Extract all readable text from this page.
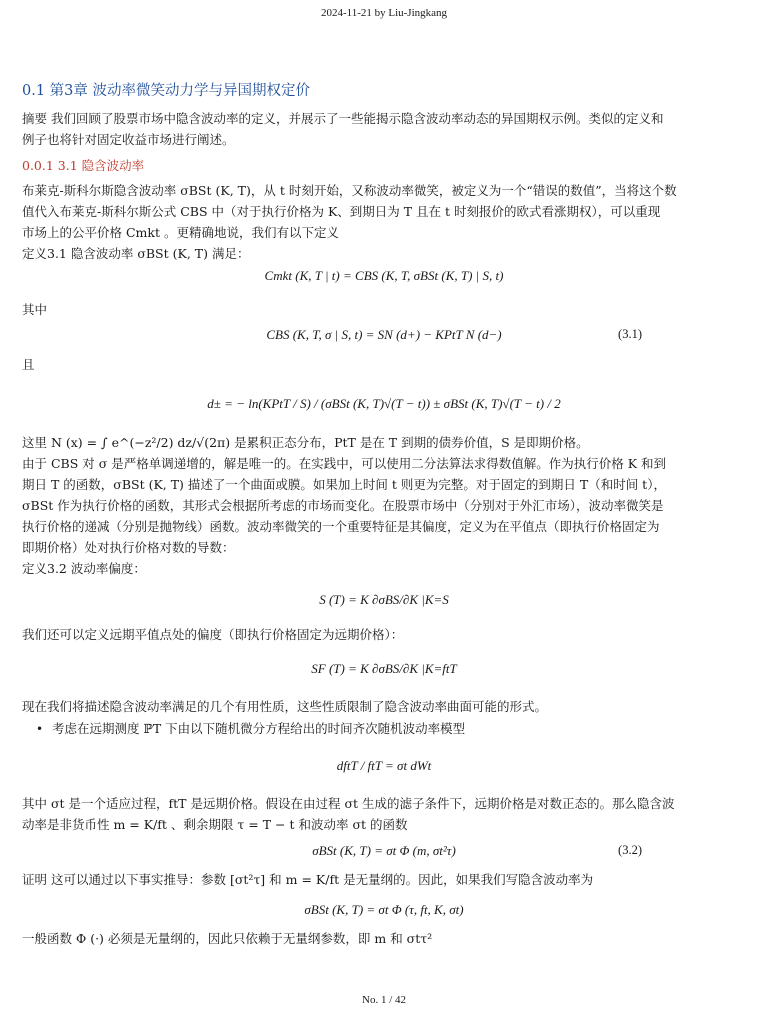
2024-11-21 by Liu-Jingkang
0.1 第3章 波动率微笑动力学与异国期权定价
摘要 我们回顾了股票市场中隐含波动率的定义，并展示了一些能揭示隐含波动率动态的异国期权示例。类似的定义和
例子也将针对固定收益市场进行阐述。
0.0.1 3.1 隐含波动率
布莱克-斯科尔斯隐含波动率 σBSt (K, T)，从 t 时刻开始，又称波动率微笑，被定义为一个“错误的数值”，当将这个数
值代入布莱克-斯科尔斯公式 CBS 中（对于执行价格为 K、到期日为 T 且在 t 时刻报价的欧式看涨期权），可以重现
市场上的公平价格 Cmkt 。更精确地说，我们有以下定义
定义3.1 隐含波动率 σBSt (K, T) 满足：
Cmkt (K, T | t) = CBS (K, T, σBSt (K, T) | S, t)
其中
CBS (K, T, σ | S, t) = SN (d+) − KPtT N (d−)	(3.1)
且
d± = − ln(KPtT / S) / (σBSt (K, T)√(T − t)) ± σBSt (K, T)√(T − t) / 2
这里 N (x) = ∫ e^(−z²/2) dz/√(2π) 是累积正态分布，PtT 是在 T 到期的债券价值，S 是即期价格。
由于 CBS 对 σ 是严格单调递增的，解是唯一的。在实践中，可以使用二分法算法求得数值解。作为执行价格 K 和到
期日 T 的函数，σBSt (K, T) 描述了一个曲面或膜。如果加上时间 t 则更为完整。对于固定的到期日 T（和时间 t），
σBSt 作为执行价格的函数，其形式会根据所考虑的市场而变化。在股票市场中（分别对于外汇市场），波动率微笑是
执行价格的递减（分别是抛物线）函数。波动率微笑的一个重要特征是其偏度，定义为在平值点（即执行价格固定为
即期价格）处对执行价格对数的导数：
定义3.2 波动率偏度：
S (T) = K ∂σBS/∂K |K=S
我们还可以定义远期平值点处的偏度（即执行价格固定为远期价格）：
SF (T) = K ∂σBS/∂K |K=ftT
现在我们将描述隐含波动率满足的几个有用性质，这些性质限制了隐含波动率曲面可能的形式。
• 考虑在远期测度 ℙT 下由以下随机微分方程给出的时间齐次随机波动率模型
dftT / ftT = σt dWt
其中 σt 是一个适应过程，ftT 是远期价格。假设在由过程 σt 生成的滤子条件下，远期价格是对数正态的。那么隐含波
动率是非货币性 m = K/ft 、剩余期限 τ = T − t 和波动率 σt 的函数
σBSt (K, T) = σt Φ (m, σt²τ)	(3.2)
证明 这可以通过以下事实推导：参数 [σt²τ] 和 m = K/ft 是无量纲的。因此，如果我们写隐含波动率为
σBSt (K, T) = σt Φ (τ, ft, K, σt)
一般函数 Φ (·) 必须是无量纲的，因此只依赖于无量纲参数，即 m 和 σtτ²
No. 1 / 42
